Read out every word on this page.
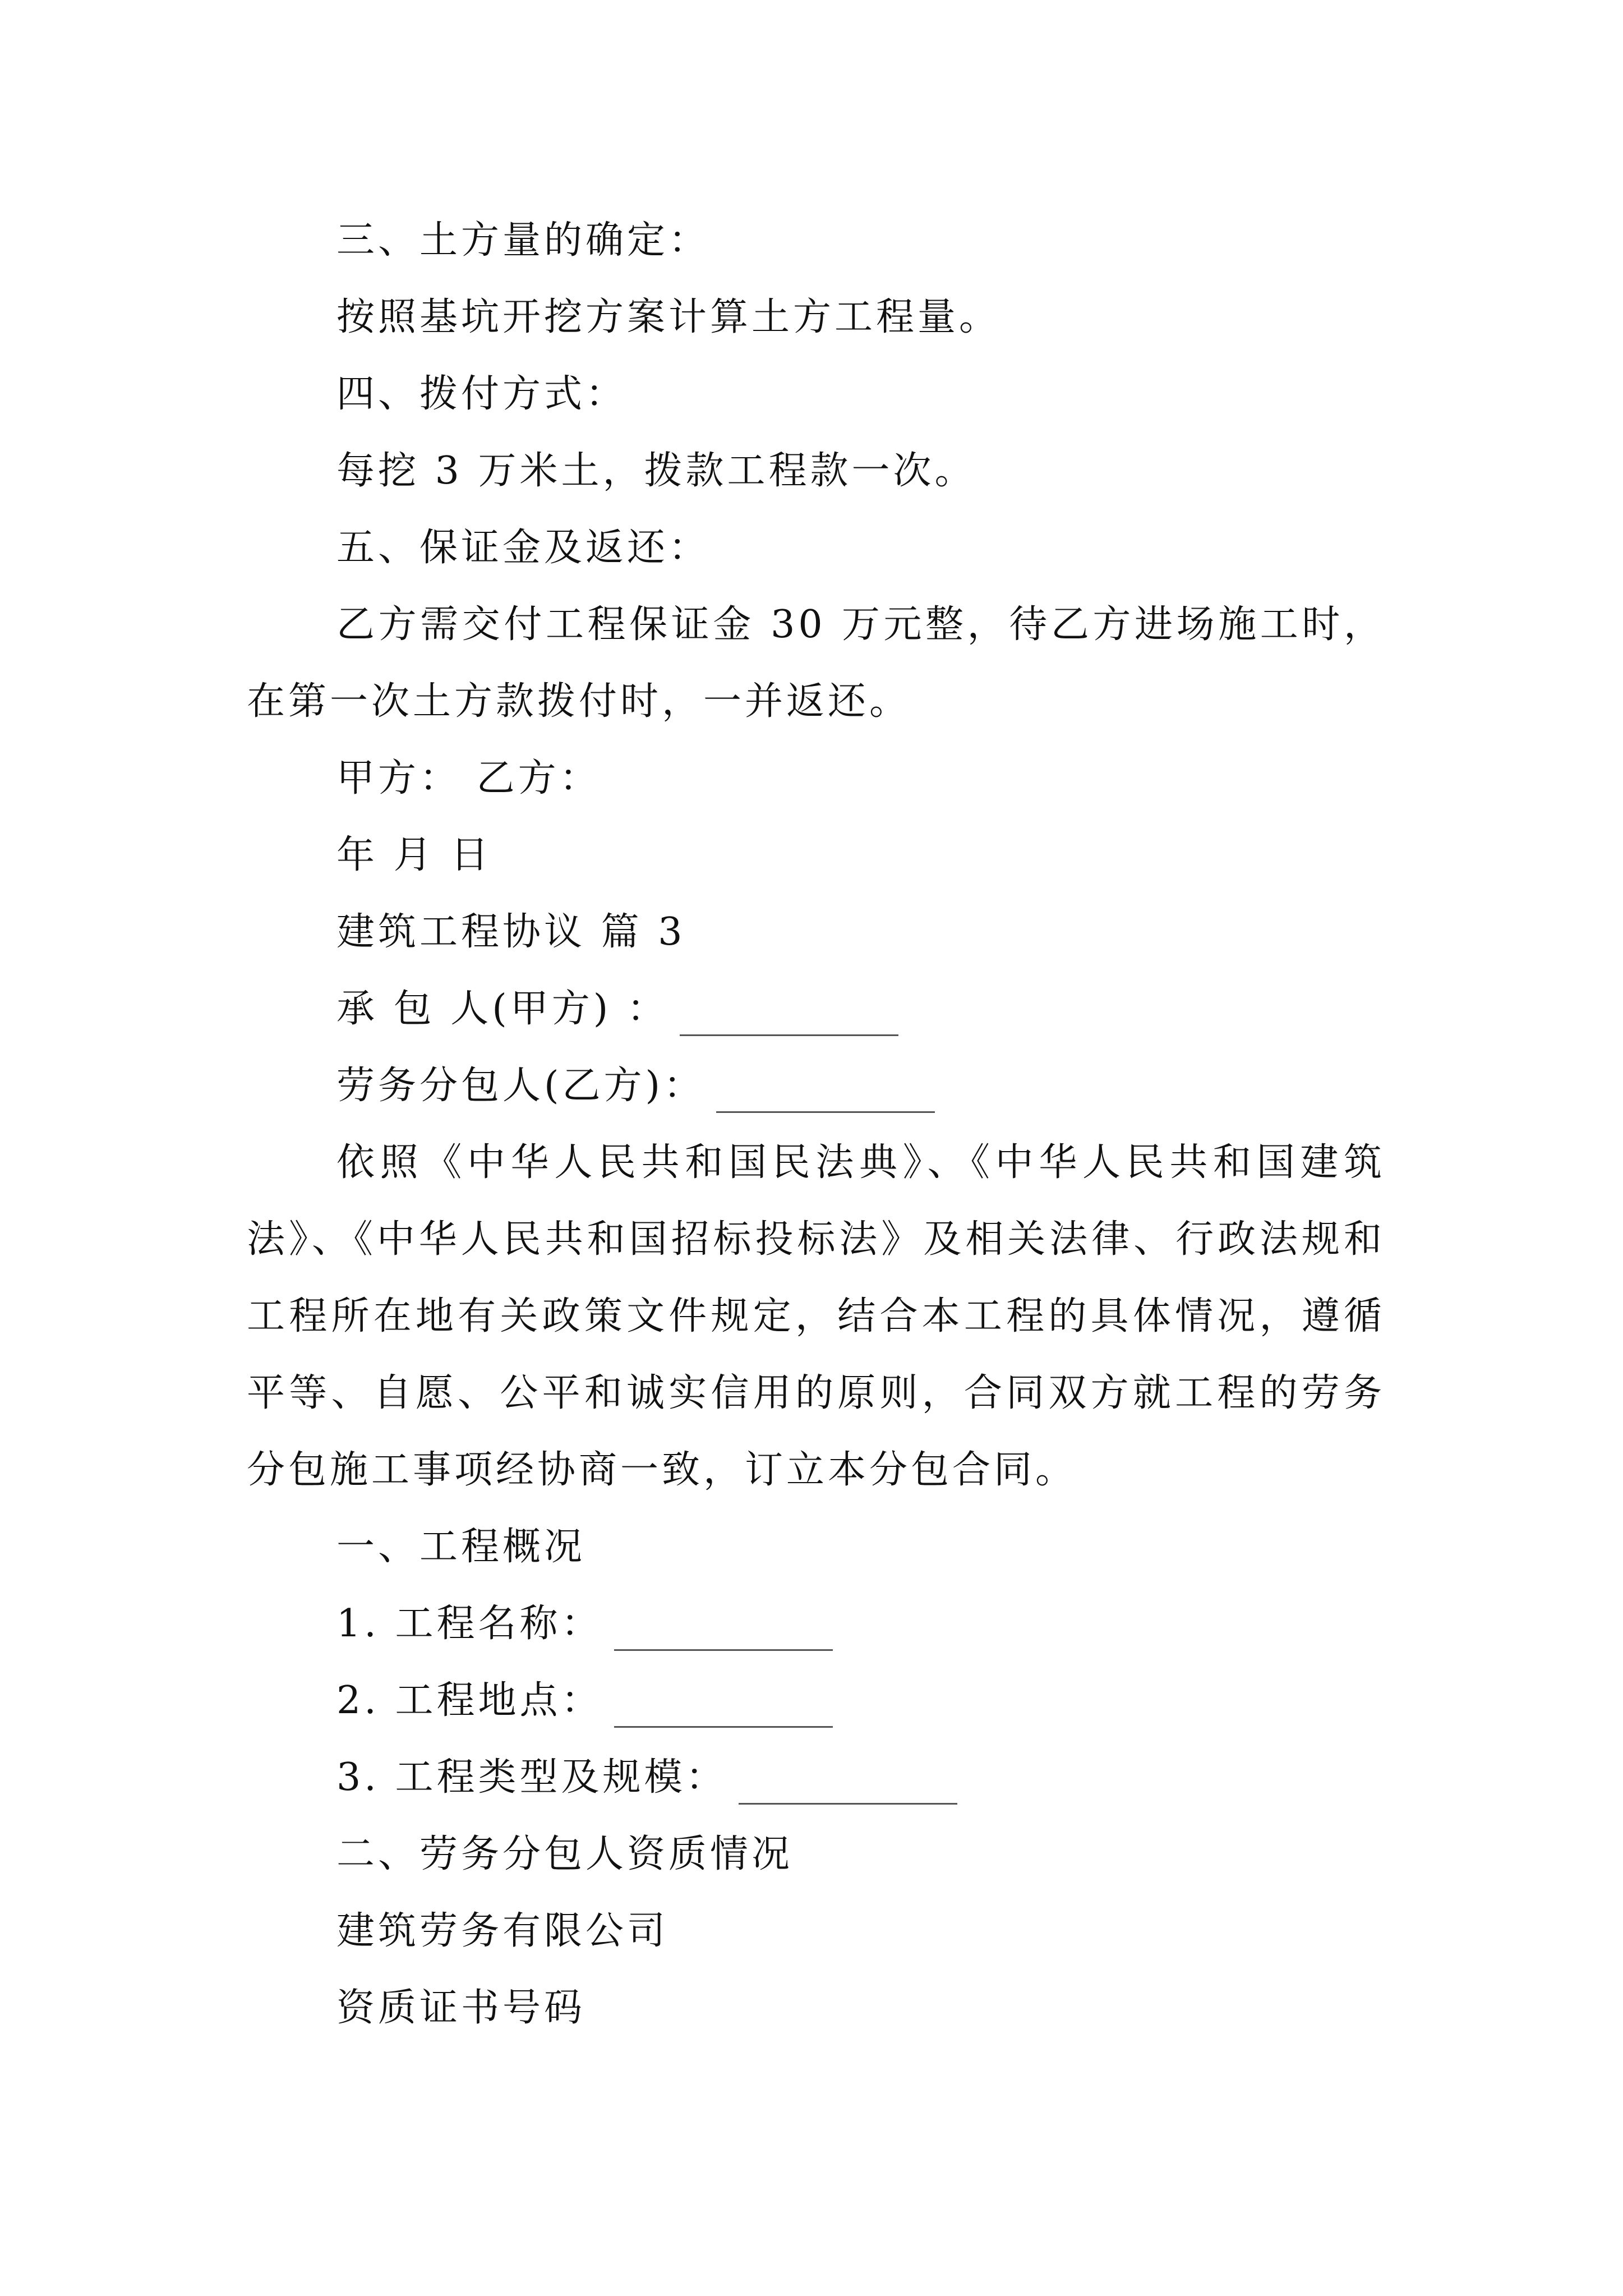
三、土方量的确定：

按照基坑开挖方案计算土方工程量。

四、拨付方式：

每挖 3 万米土，拨款工程款一次。

五、保证金及返还：

乙方需交付工程保证金 30 万元整，待乙方进场施工时，在第一次土方款拨付时，一并返还。

甲方： 乙方：

年 月 日

建筑工程协议 篇 3

承 包 人(甲方) ：

劳务分包人(乙方)：

依照《中华人民共和国民法典》、《中华人民共和国建筑法》、《中华人民共和国招标投标法》及相关法律、行政法规和工程所在地有关政策文件规定，结合本工程的具体情况，遵循平等、自愿、公平和诚实信用的原则，合同双方就工程的劳务分包施工事项经协商一致，订立本分包合同。

一、工程概况

1. 工程名称：

2. 工程地点：

3. 工程类型及规模：

二、劳务分包人资质情况

建筑劳务有限公司

资质证书号码
